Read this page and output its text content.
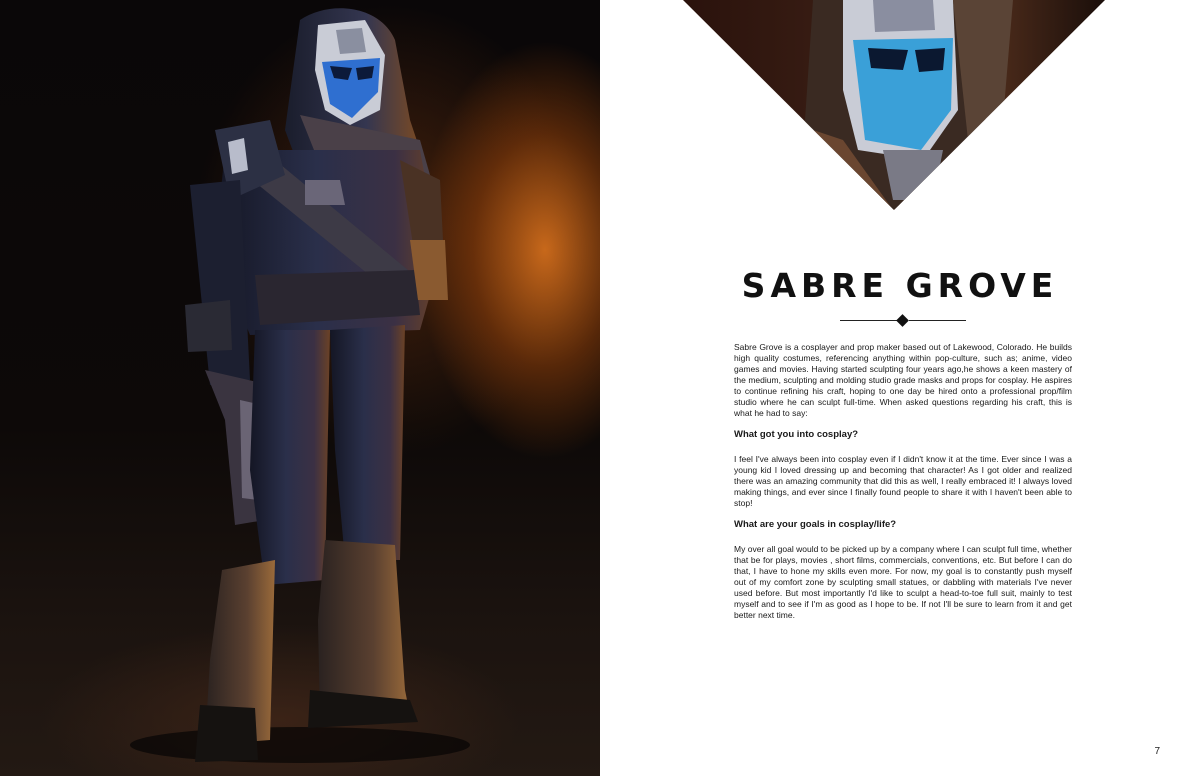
SABRE GROVE

Sabre Grove is a cosplayer and prop maker based out of Lakewood, Colorado. He builds high quality costumes, referencing anything within pop-culture, such as; anime, video games and movies. Having started sculpting four years ago,he shows a keen mastery of the medium, sculpting and molding studio grade masks and props for cosplay. He aspires to continue refining his craft, hoping to one day be hired onto a professional prop/film studio where he can sculpt full-time. When asked questions regarding his craft, this is what he had to say:

What got you into cosplay?

I feel I've always been into cosplay even if I didn't know it at the time. Ever since I was a young kid I loved dressing up and becoming that character! As I got older and realized there was an amazing community that did this as well, I really embraced it! I always loved making things, and ever since I finally found people to share it with I haven't been able to stop!

What are your goals in cosplay/life?

My over all goal would to be picked up by a company where I can sculpt full time, whether that be for plays, movies , short films, commercials, conventions, etc. But before I can do that, I have to hone my skills even more. For now, my goal is to constantly push myself out of my comfort zone by sculpting small statues, or dabbling with materials I've never used before. But most importantly I'd like to sculpt a head-to-toe full suit, mainly to test myself and to see if I'm as good as I hope to be. If not I'll be sure to learn from it and get better next time.

7
